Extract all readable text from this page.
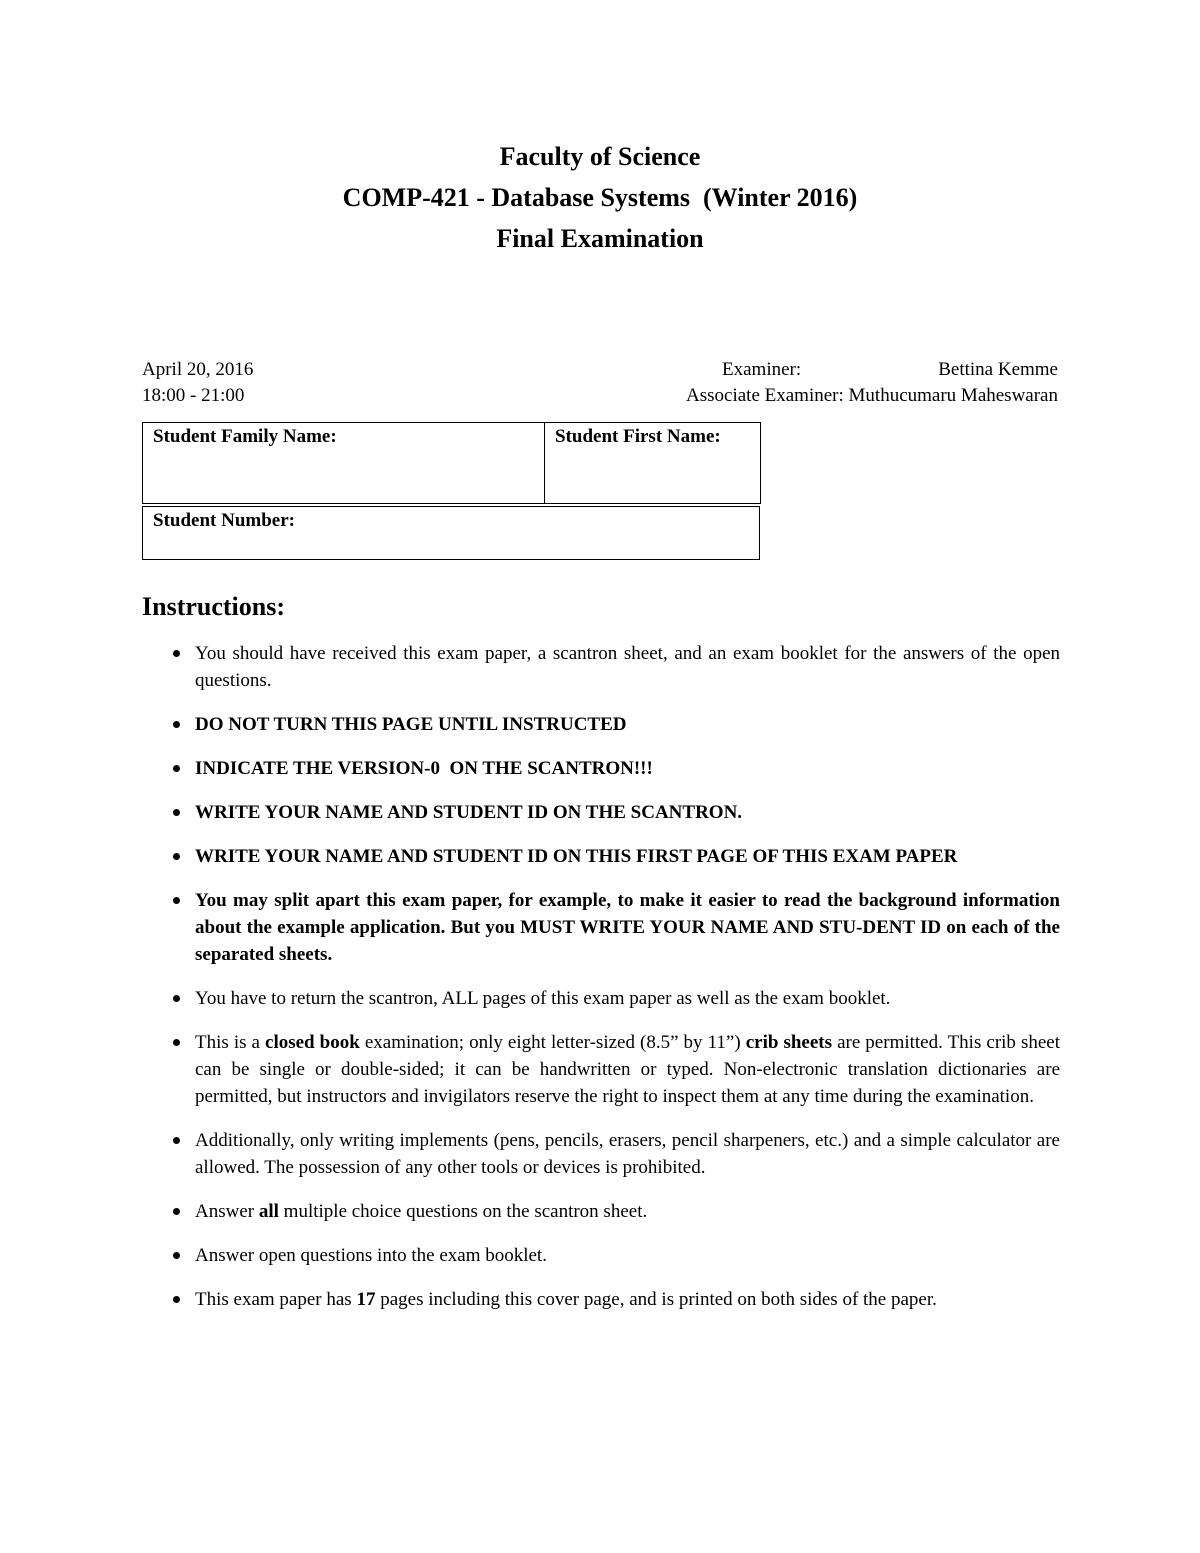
Faculty of Science
COMP-421 - Database Systems  (Winter 2016)
Final Examination
April 20, 2016	Examiner:	Bettina Kemme
18:00 - 21:00	Associate Examiner: Muthucumaru Maheswaran
Student Family Name:	Student First Name:
Student Number:
Instructions:
You should have received this exam paper, a scantron sheet, and an exam booklet for the answers of the open questions.
DO NOT TURN THIS PAGE UNTIL INSTRUCTED
INDICATE THE VERSION-0  ON THE SCANTRON!!!
WRITE YOUR NAME AND STUDENT ID ON THE SCANTRON.
WRITE YOUR NAME AND STUDENT ID ON THIS FIRST PAGE OF THIS EXAM PAPER
You may split apart this exam paper, for example, to make it easier to read the background information about the example application. But you MUST WRITE YOUR NAME AND STU-DENT ID on each of the separated sheets.
You have to return the scantron, ALL pages of this exam paper as well as the exam booklet.
This is a closed book examination; only eight letter-sized (8.5” by 11”) crib sheets are permitted. This crib sheet can be single or double-sided; it can be handwritten or typed. Non-electronic translation dictionaries are permitted, but instructors and invigilators reserve the right to inspect them at any time during the examination.
Additionally, only writing implements (pens, pencils, erasers, pencil sharpeners, etc.) and a simple calculator are allowed. The possession of any other tools or devices is prohibited.
Answer all multiple choice questions on the scantron sheet.
Answer open questions into the exam booklet.
This exam paper has 17 pages including this cover page, and is printed on both sides of the paper.
